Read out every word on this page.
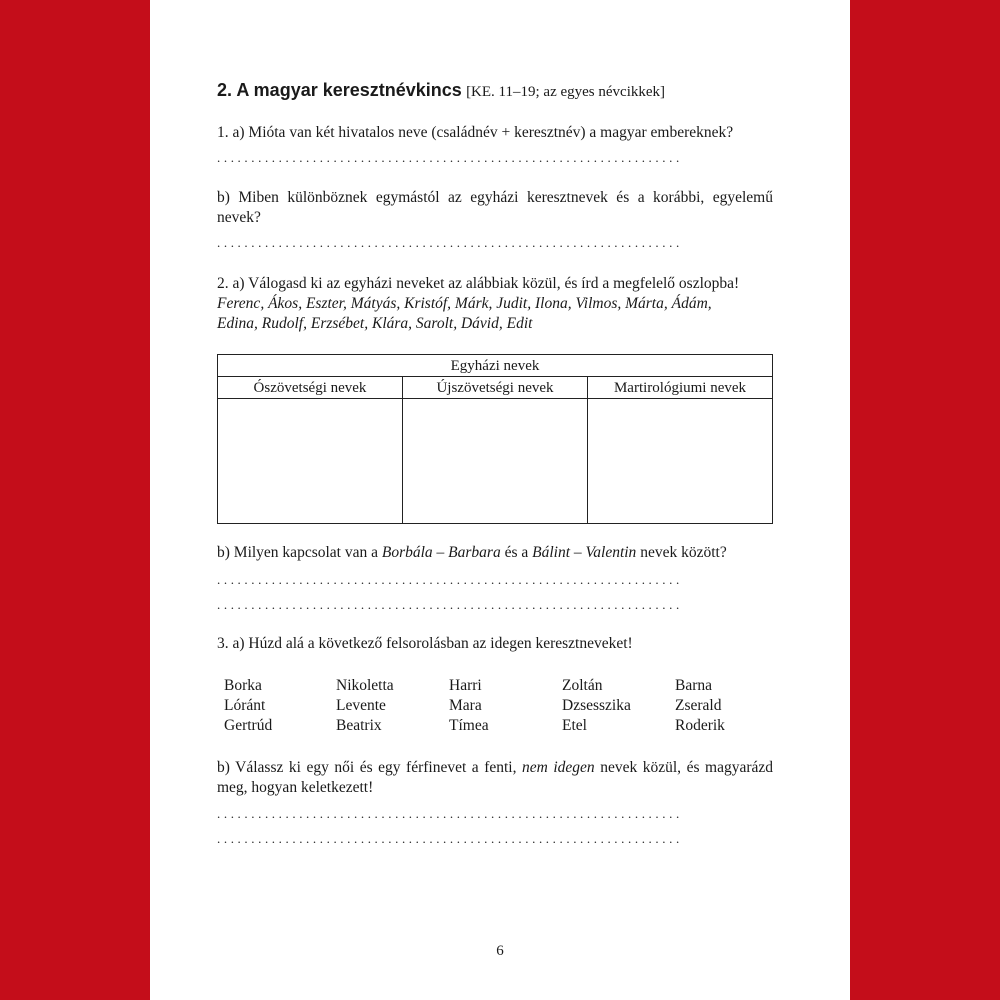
2. A magyar keresztnévkincs [KE. 11–19; az egyes névcikkek]
1. a) Mióta van két hivatalos neve (családnév + keresztnév) a magyar embereknek?
....................................................................
b) Miben különböznek egymástól az egyházi keresztnevek és a korábbi, egyelemű nevek?
....................................................................
2. a) Válogasd ki az egyházi neveket az alábbiak közül, és írd a megfelelő oszlopba!
Ferenc, Ákos, Eszter, Mátyás, Kristóf, Márk, Judit, Ilona, Vilmos, Márta, Ádám,
Edina, Rudolf, Erzsébet, Klára, Sarolt, Dávid, Edit
Egyházi nevek		
Ószövetségi nevek	Újszövetségi nevek	Martirológiumi nevek

b) Milyen kapcsolat van a Borbála – Barbara és a Bálint – Valentin nevek között?
....................................................................
....................................................................
3. a) Húzd alá a következő felsorolásban az idegen keresztneveket!
Borka	Nikoletta	Harri	Zoltán	Barna
Lóránt	Levente	Mara	Dzsesszika	Zserald
Gertrúd	Beatrix	Tímea	Etel	Roderik
b) Válassz ki egy női és egy férfinevet a fenti, nem idegen nevek közül, és magyarázd meg, hogyan keletkezett!
....................................................................
....................................................................
6
